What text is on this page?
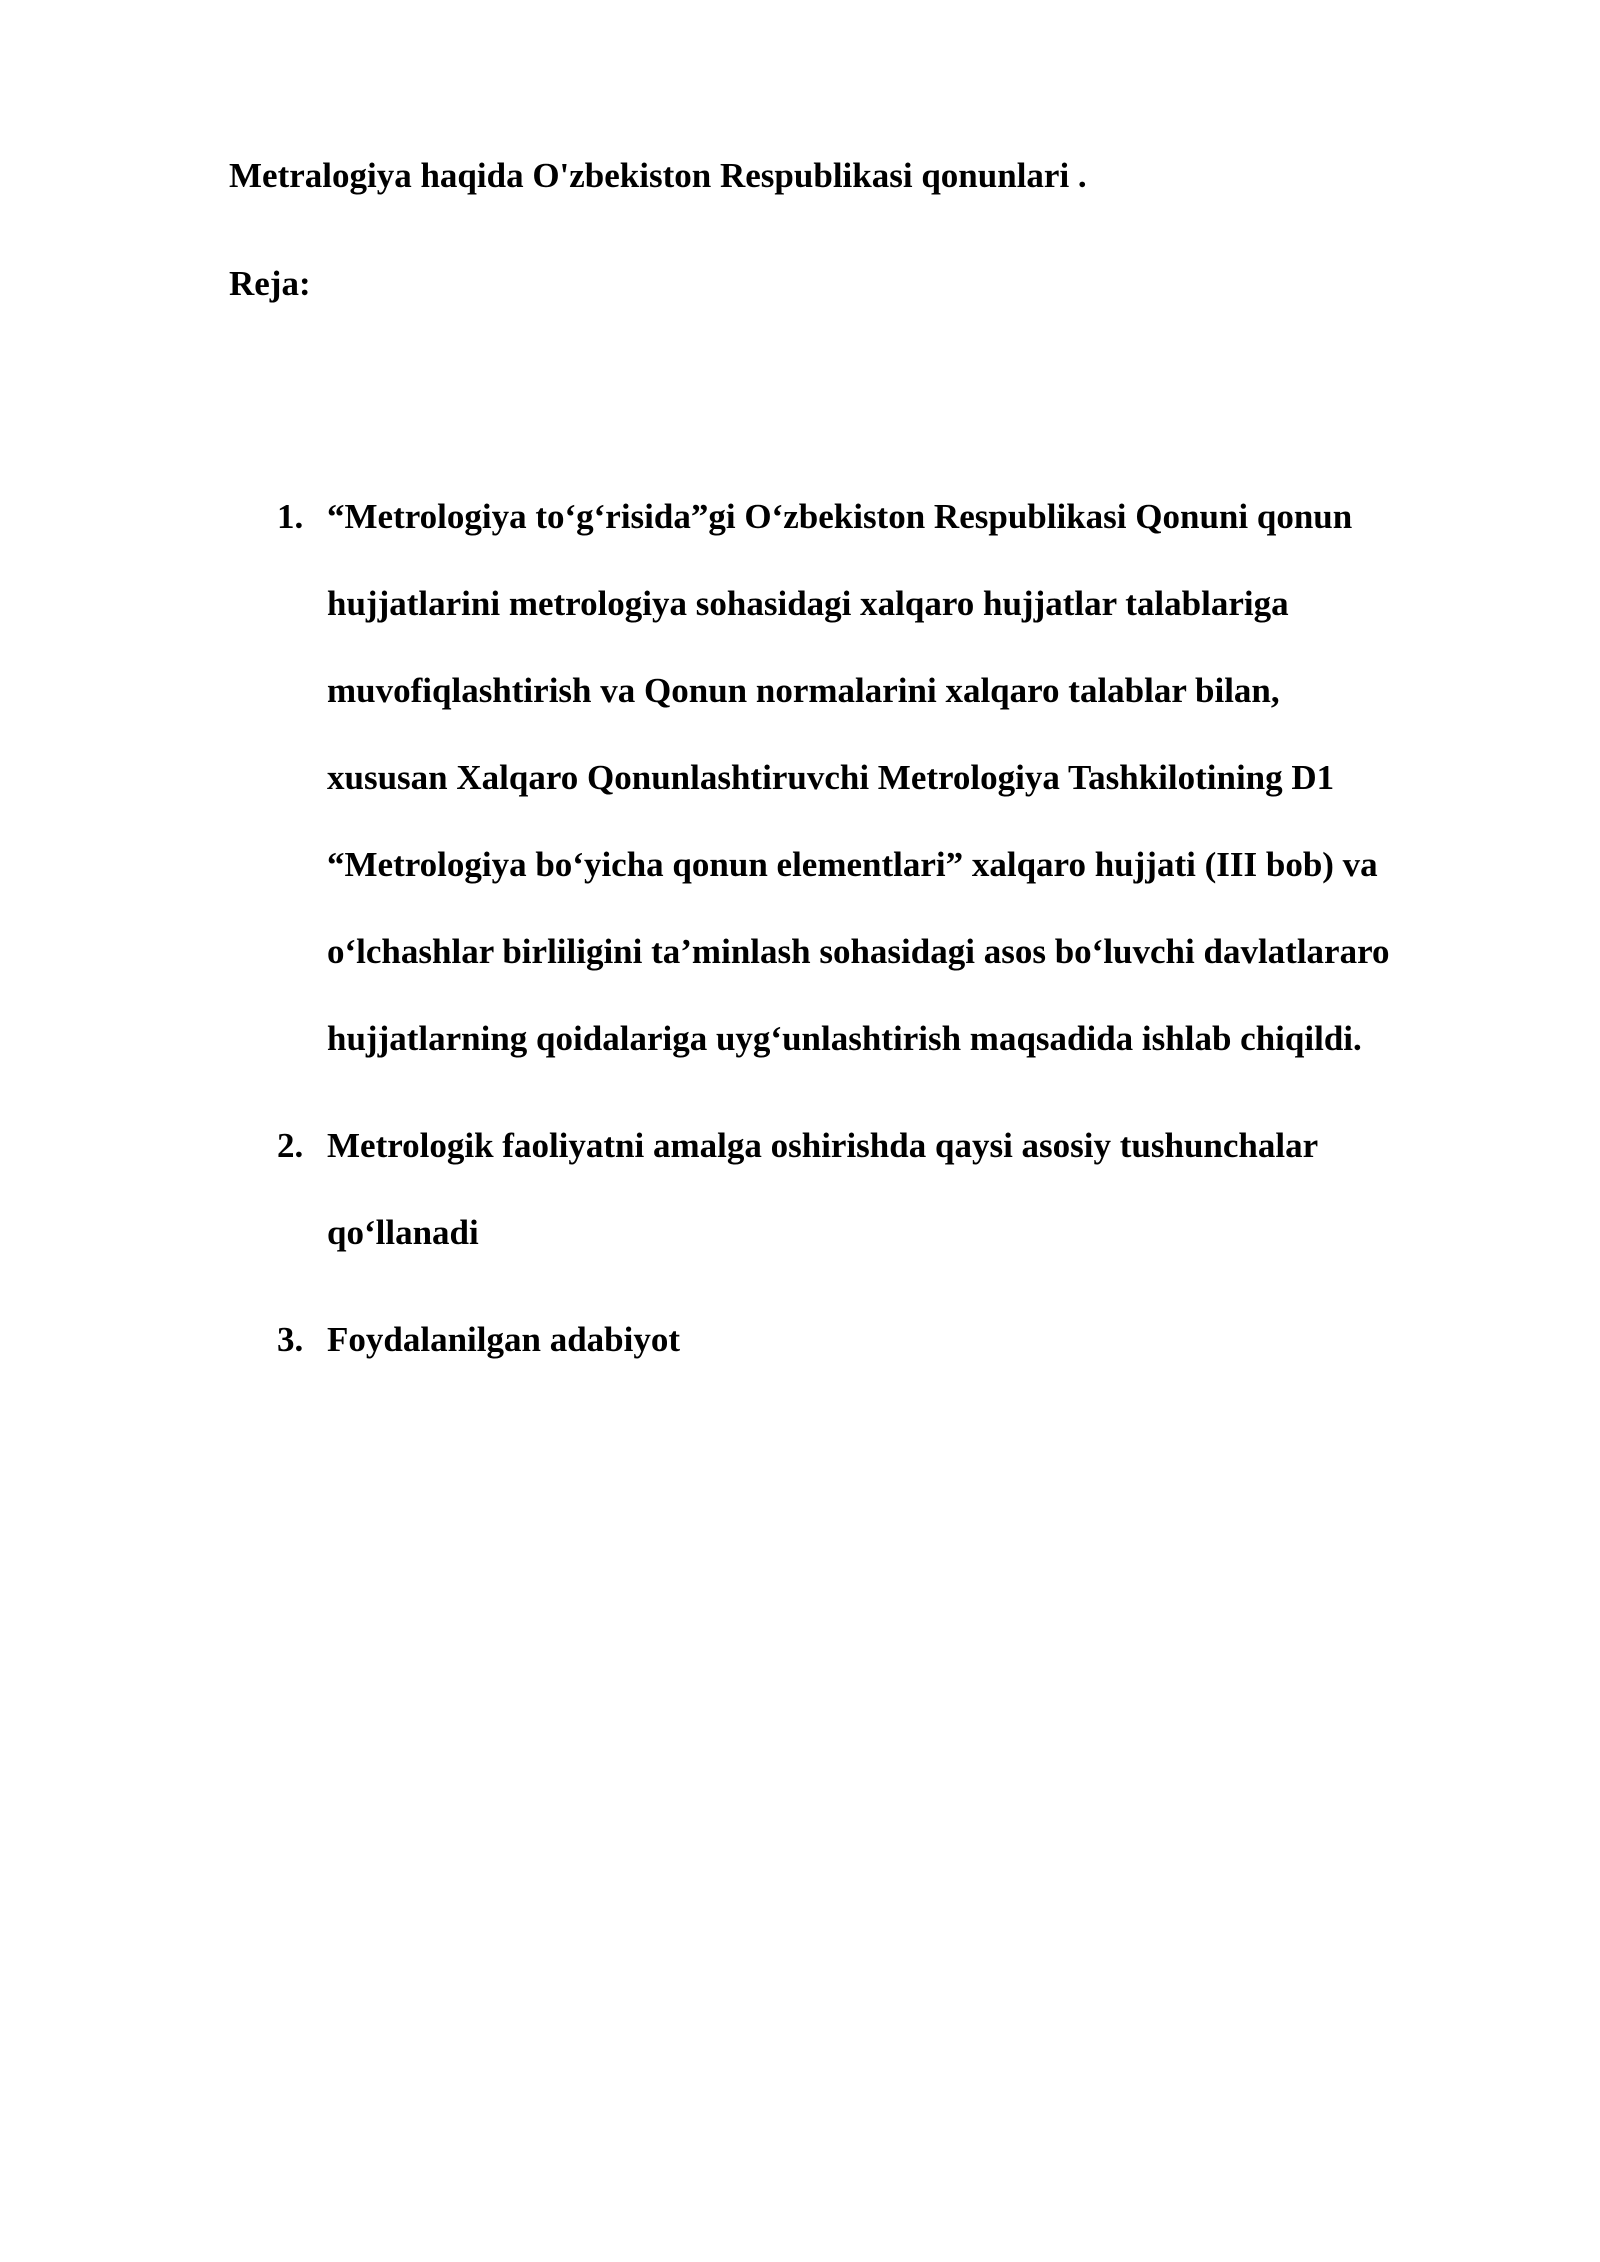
Metralogiya haqida O'zbekiston Respublikasi qonunlari .

Reja:

1. “Metrologiya to‘g‘risida”gi O‘zbekiston Respublikasi Qonuni qonun
hujjatlarini metrologiya sohasidagi xalqaro hujjatlar talablariga
muvofiqlashtirish va Qonun normalarini xalqaro talablar bilan,
xususan Xalqaro Qonunlashtiruvchi Metrologiya Tashkilotining D1
“Metrologiya bo‘yicha qonun elementlari” xalqaro hujjati (III bob) va
o‘lchashlar birliligini ta’minlash sohasidagi asos bo‘luvchi davlatlararo
hujjatlarning qoidalariga uyg‘unlashtirish maqsadida ishlab chiqildi.
2. Metrologik faoliyatni amalga oshirishda qaysi asosiy tushunchalar
qo‘llanadi
3. Foydalanilgan adabiyot
